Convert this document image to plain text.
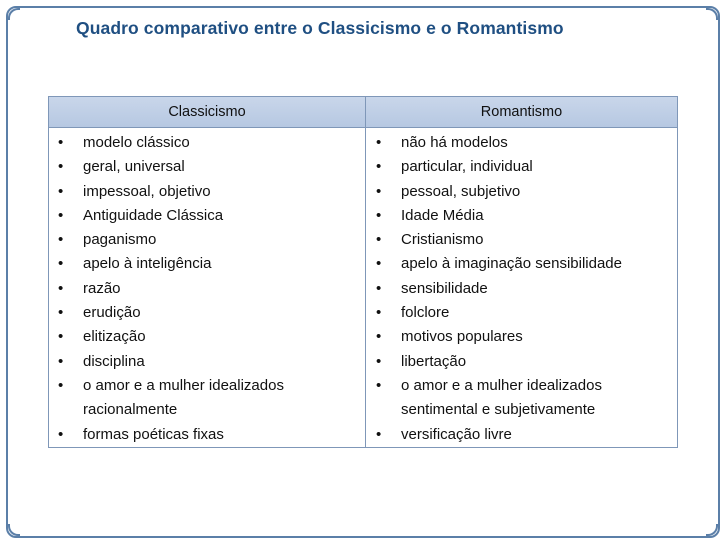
Quadro comparativo entre o Classicismo e o Romantismo
Classicismo	Romantismo
• modelo clássico
• geral, universal
• impessoal, objetivo
• Antiguidade Clássica
• paganismo
• apelo à inteligência
• razão
• erudição
• elitização
• disciplina
• o amor e a mulher idealizados
racionalmente
• formas poéticas fixas
• não há modelos
• particular, individual
• pessoal, subjetivo
• Idade Média
• Cristianismo
• apelo à imaginação sensibilidade
• sensibilidade
• folclore
• motivos populares
• libertação
• o amor e a mulher idealizados
sentimental e subjetivamente
• versificação livre
